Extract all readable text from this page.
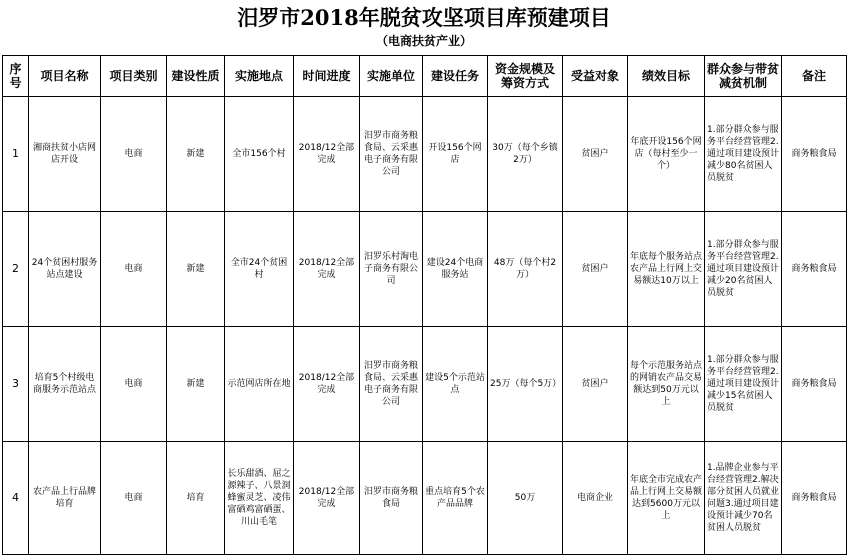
汨罗市2018年脱贫攻坚项目库预建项目
（电商扶贫产业）
序号	项目名称	项目类别	建设性质	实施地点	时间进度	实施单位	建设任务	资金规模及筹资方式	受益对象	绩效目标	群众参与带贫减贫机制	备注
1	湘商扶贫小店网店开设	电商	新建	全市156个村	2018/12全部完成	汨罗市商务粮食局、云采惠电子商务有限公司	开设156个网店	30万（每个乡镇2万）	贫困户	年底开设156个网店（每村至少一个）	1.部分群众参与服务平台经营管理2.通过项目建设预计减少80名贫困人员脱贫	商务粮食局
2	24个贫困村服务站点建设	电商	新建	全市24个贫困村	2018/12全部完成	汨罗乐村淘电子商务有限公司	建设24个电商服务站	48万（每个村2万）	贫困户	年底每个服务站点农产品上行网上交易额达10万以上	1.部分群众参与服务平台经营管理2.通过项目建设预计减少20名贫困人员脱贫	商务粮食局
3	培育5个村级电商服务示范站点	电商	新建	示范网店所在地	2018/12全部完成	汨罗市商务粮食局、云采惠电子商务有限公司	建设5个示范站点	25万（每个5万）	贫困户	每个示范服务站点的网销农产品交易额达到50万元以上	1.部分群众参与服务平台经营管理2.通过项目建设预计减少15名贫困人员脱贫	商务粮食局
4	农产品上行品牌培育	电商	培育	长乐甜酒、屈之源辣子、八景洞蜂蜜灵芝、凌伟富硒鸡富硒蛋、川山毛笔	2018/12全部完成	汨罗市商务粮食局	重点培育5个农产品品牌	50万	电商企业	年底全市完成农产品上行网上交易额达到5600万元以上	1.品牌企业参与平台经营管理2.解决部分贫困人员就业问题3.通过项目建设预计减少70名贫困人员脱贫	商务粮食局
